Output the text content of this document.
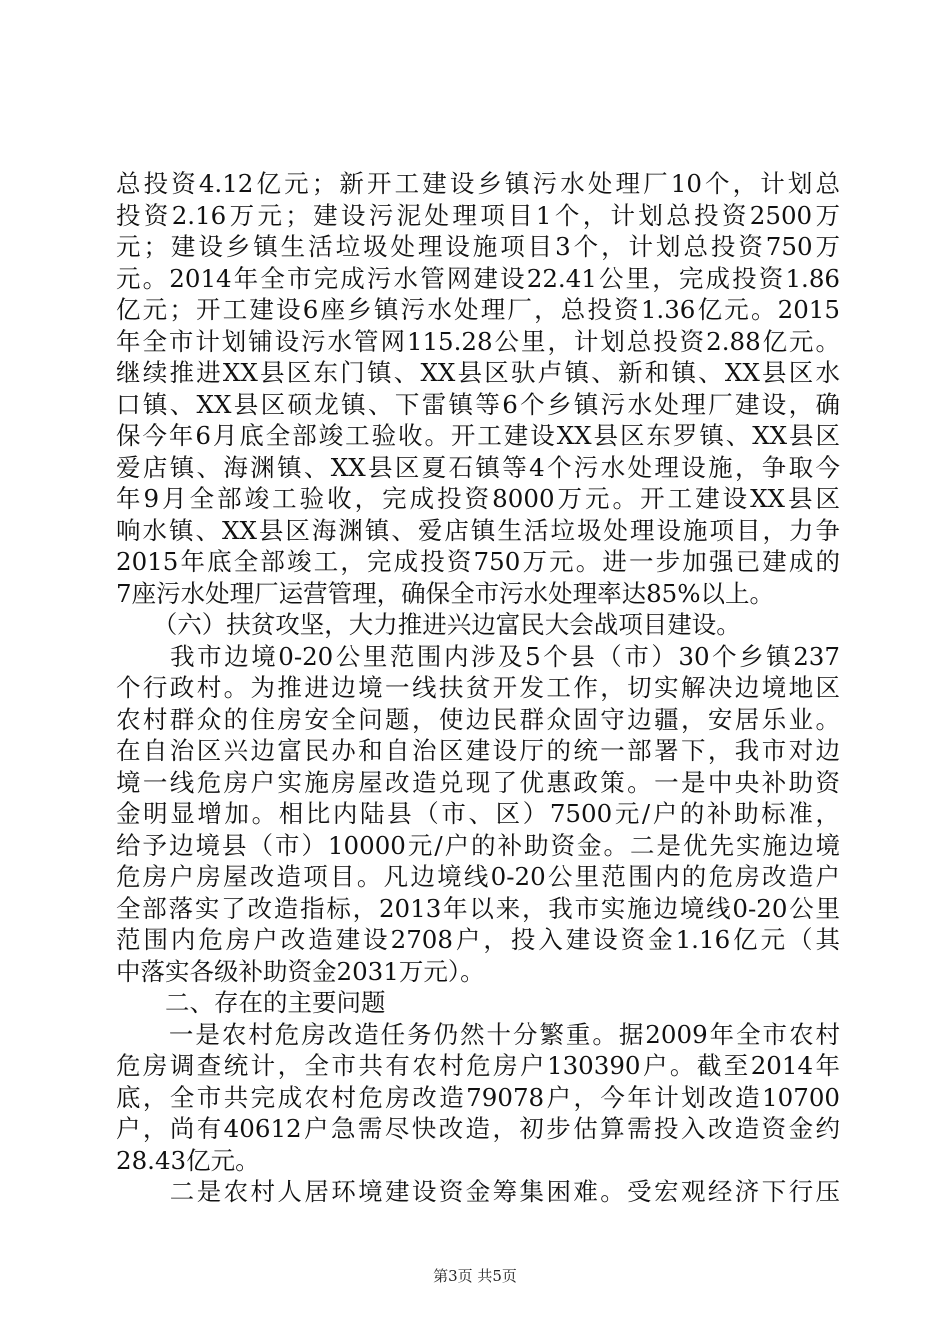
总投资4.12亿元；新开工建设乡镇污水处理厂10个，计划总
投资2.16万元；建设污泥处理项目1个，计划总投资2500万
元；建设乡镇生活垃圾处理设施项目3个，计划总投资750万
元。2014年全市完成污水管网建设22.41公里，完成投资1.86
亿元；开工建设6座乡镇污水处理厂，总投资1.36亿元。2015
年全市计划铺设污水管网115.28公里，计划总投资2.88亿元。
继续推进XX县区东门镇、XX县区驮卢镇、新和镇、XX县区水
口镇、XX县区硕龙镇、下雷镇等6个乡镇污水处理厂建设，确
保今年6月底全部竣工验收。开工建设XX县区东罗镇、XX县区
爱店镇、海渊镇、XX县区夏石镇等4个污水处理设施，争取今
年9月全部竣工验收，完成投资8000万元。开工建设XX县区
响水镇、XX县区海渊镇、爱店镇生活垃圾处理设施项目，力争
2015年底全部竣工，完成投资750万元。进一步加强已建成的
7座污水处理厂运营管理，确保全市污水处理率达85%以上。
　　（六）扶贫攻坚，大力推进兴边富民大会战项目建设。
　　我市边境0-20公里范围内涉及5个县（市）30个乡镇237
个行政村。为推进边境一线扶贫开发工作，切实解决边境地区
农村群众的住房安全问题，使边民群众固守边疆，安居乐业。
在自治区兴边富民办和自治区建设厅的统一部署下，我市对边
境一线危房户实施房屋改造兑现了优惠政策。一是中央补助资
金明显增加。相比内陆县（市、区）7500元/户的补助标准，
给予边境县（市）10000元/户的补助资金。二是优先实施边境
危房户房屋改造项目。凡边境线0-20公里范围内的危房改造户
全部落实了改造指标，2013年以来，我市实施边境线0-20公里
范围内危房户改造建设2708户，投入建设资金1.16亿元（其
中落实各级补助资金2031万元）。
　　二、存在的主要问题
　　一是农村危房改造任务仍然十分繁重。据2009年全市农村
危房调查统计，全市共有农村危房户130390户。截至2014年
底，全市共完成农村危房改造79078户，今年计划改造10700
户，尚有40612户急需尽快改造，初步估算需投入改造资金约
28.43亿元。
　　二是农村人居环境建设资金筹集困难。受宏观经济下行压
第3页 共5页
